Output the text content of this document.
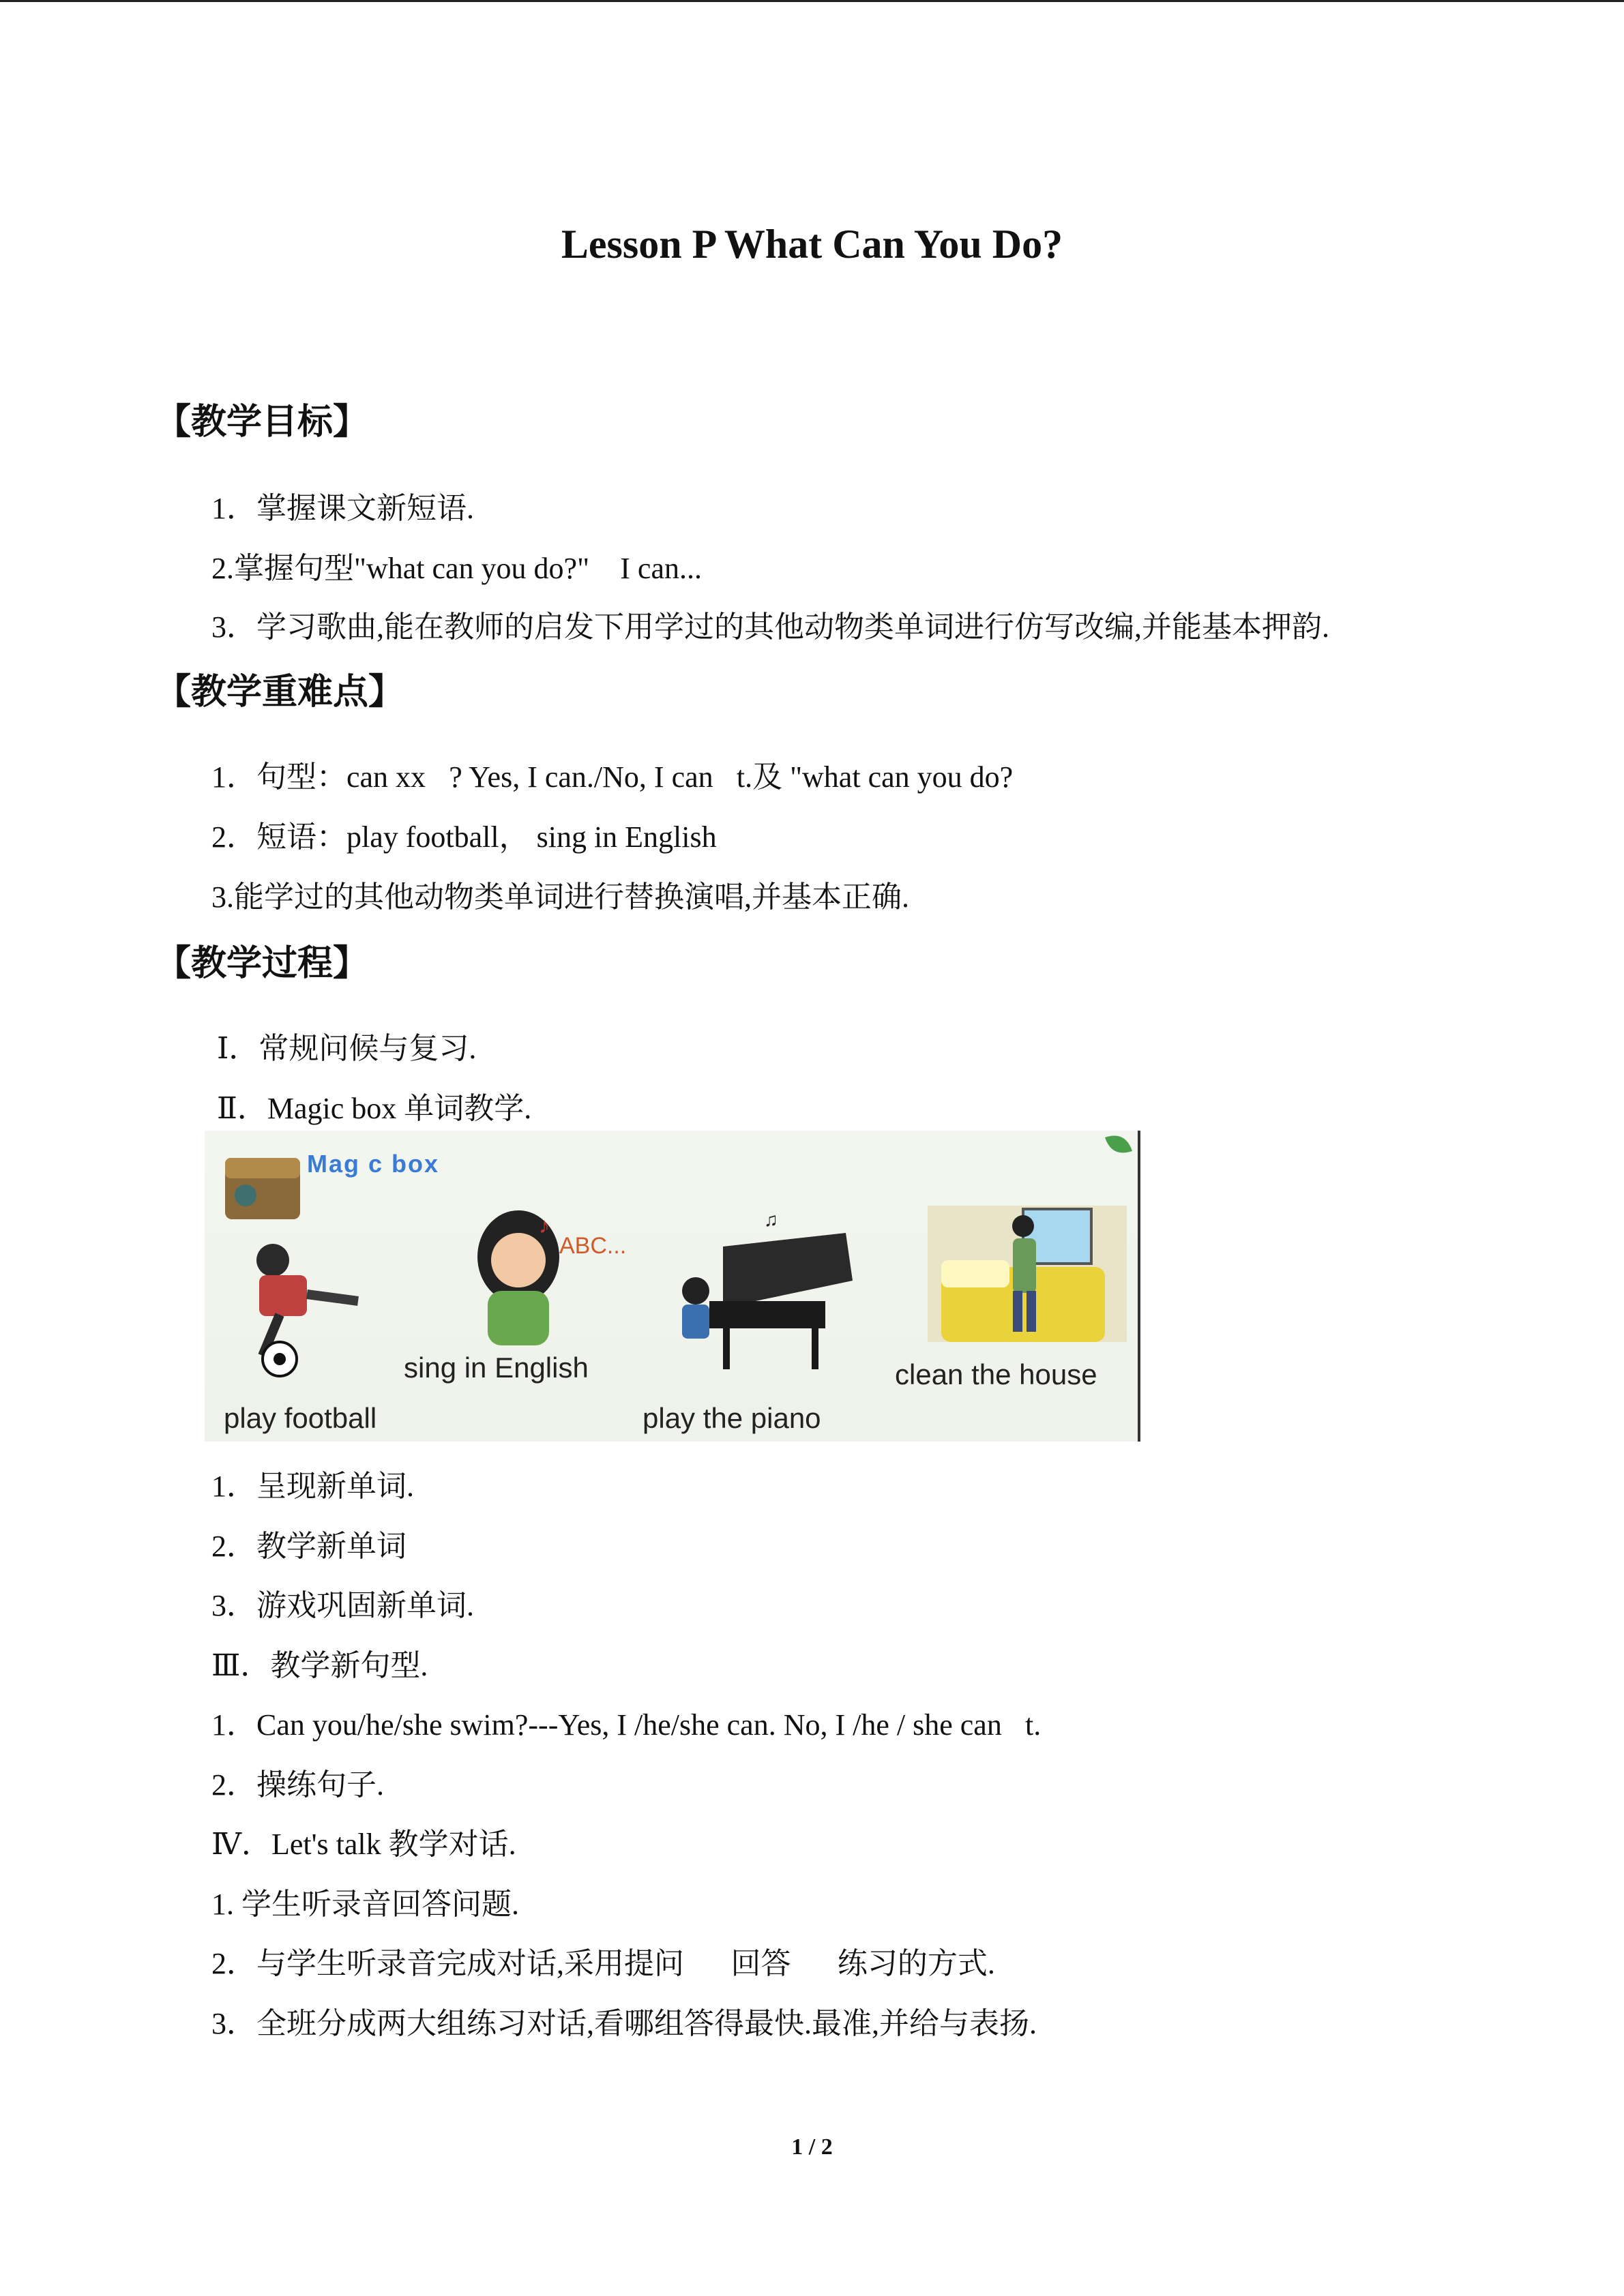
Lesson P What Can You Do?
【教学目标】
1．掌握课文新短语.
2.掌握句型"what can you do?"  I can... 
3．学习歌曲,能在教师的启发下用学过的其他动物类单词进行仿写改编,并能基本押韵.
【教学重难点】
1．句型：can xx ? Yes, I can./No, I can t.及 "what can you do?
2．短语：play football， sing in English  
3.能学过的其他动物类单词进行替换演唱,并基本正确.
【教学过程】
Ⅰ．常规问候与复习.
Ⅱ．Magic box 单词教学.
♪	♫
Mag c box
ABC...
play football
sing in English
play the piano
clean the house
1．呈现新单词.
2．教学新单词
3．游戏巩固新单词.
Ⅲ．教学新句型.
1．Can you/he/she swim?---Yes, I /he/she can. No, I /he / she can t.
2．操练句子.
Ⅳ．Let's talk 教学对话.
1. 学生听录音回答问题.
2．与学生听录音完成对话,采用提问  回答  练习的方式.
3．全班分成两大组练习对话,看哪组答得最快.最准,并给与表扬.
1 / 2
